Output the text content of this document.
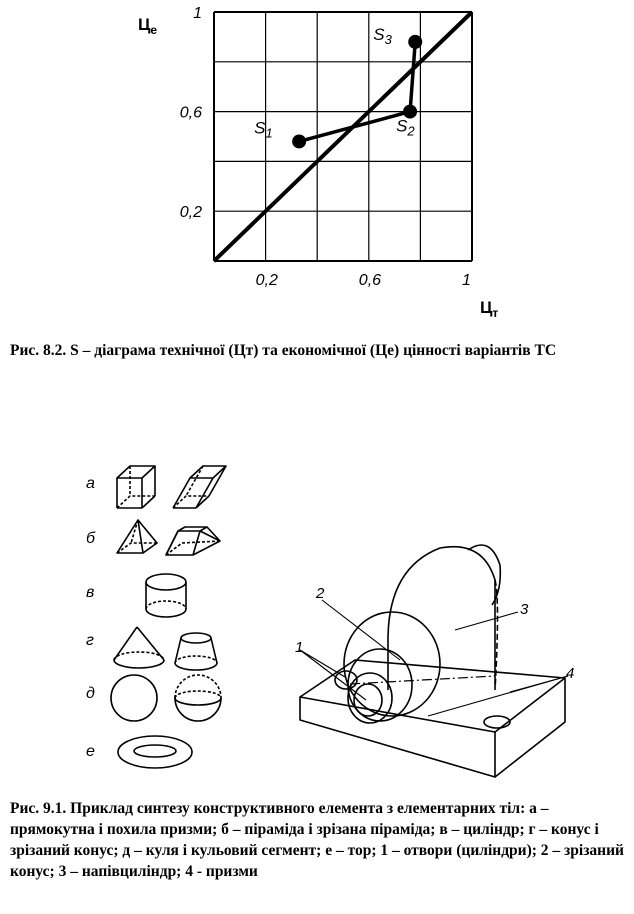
$S_1$	$S_2$
$S_3$
0,2	0,6	1
0,2
0,6
1
$Ц_е$
$Ц_т$
Рис. 8.2. S – діаграма технічної (Цт) та економічної (Це) цінності варіантів ТС
а
б
в
г
д
е
1
2
3
4
Рис. 9.1. Приклад синтезу конструктивного елемента з елементарних тіл: а – прямокутна і похила призми; б – піраміда і зрізана піраміда; в – циліндр; г – конус і зрізаний конус; д – куля і кульовий сегмент; е – тор; 1 – отвори (циліндри); 2 – зрізаний конус; 3 – напівциліндр; 4 - призми
